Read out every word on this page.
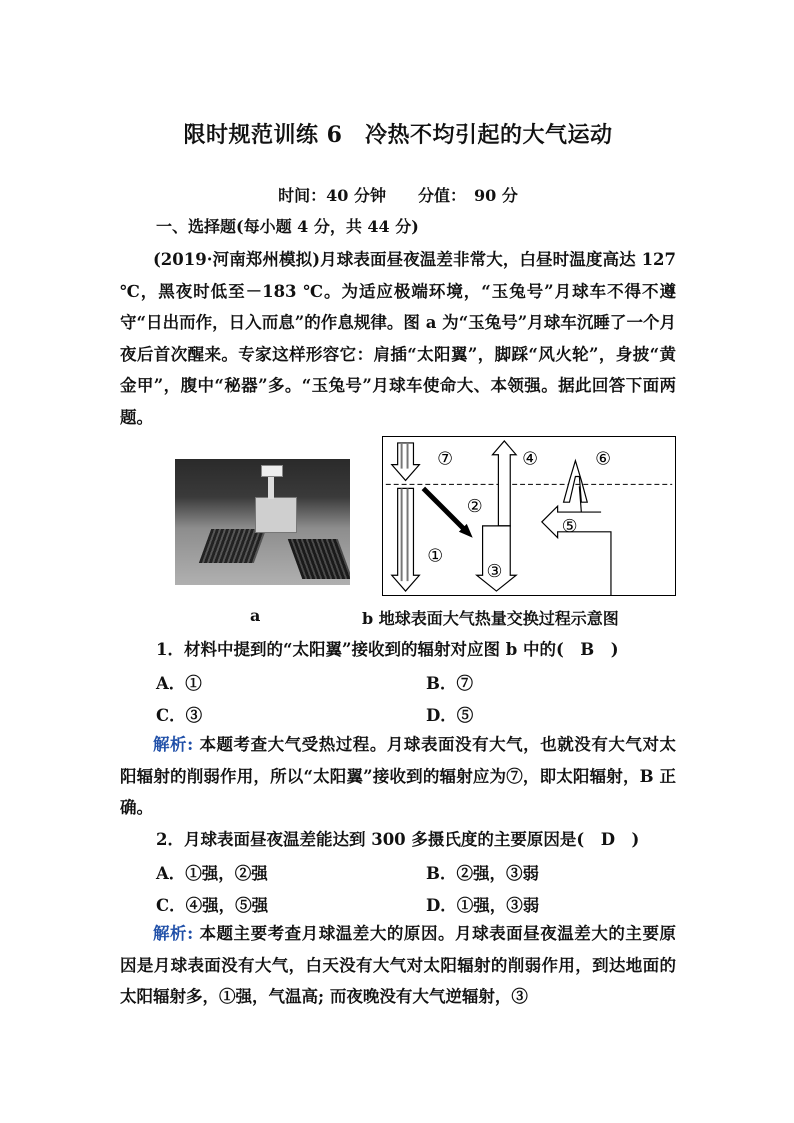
限时规范训练 6　冷热不均引起的大气运动
时间：40 分钟　　分值：　90 分
一、选择题(每小题 4 分，共 44 分)
(2019·河南郑州模拟)月球表面昼夜温差非常大，白昼时温度高达 127 ℃，黑夜时低至－183 ℃。为适应极端环境，“玉兔号”月球车不得不遵守“日出而作，日入而息”的作息规律。图 a 为“玉兔号”月球车沉睡了一个月夜后首次醒来。专家这样形容它：肩插“太阳翼”，脚踩“风火轮”，身披“黄金甲”，腹中“秘器”多。“玉兔号”月球车使命大、本领强。据此回答下面两题。
⑦	④	⑥
②
⑤
①
③
a	b 地球表面大气热量交换过程示意图
1．材料中提到的“太阳翼”接收到的辐射对应图 b 中的(　B　)
A．①	B．⑦
C．③	D．⑤
解析: 本题考查大气受热过程。月球表面没有大气，也就没有大气对太阳辐射的削弱作用，所以“太阳翼”接收到的辐射应为⑦，即太阳辐射，B 正确。
2．月球表面昼夜温差能达到 300 多摄氏度的主要原因是(　D　)
A．①强，②强	B．②强，③弱
C．④强，⑤强	D．①强，③弱
解析: 本题主要考查月球温差大的原因。月球表面昼夜温差大的主要原因是月球表面没有大气，白天没有大气对太阳辐射的削弱作用，到达地面的太阳辐射多，①强，气温高; 而夜晚没有大气逆辐射，③
